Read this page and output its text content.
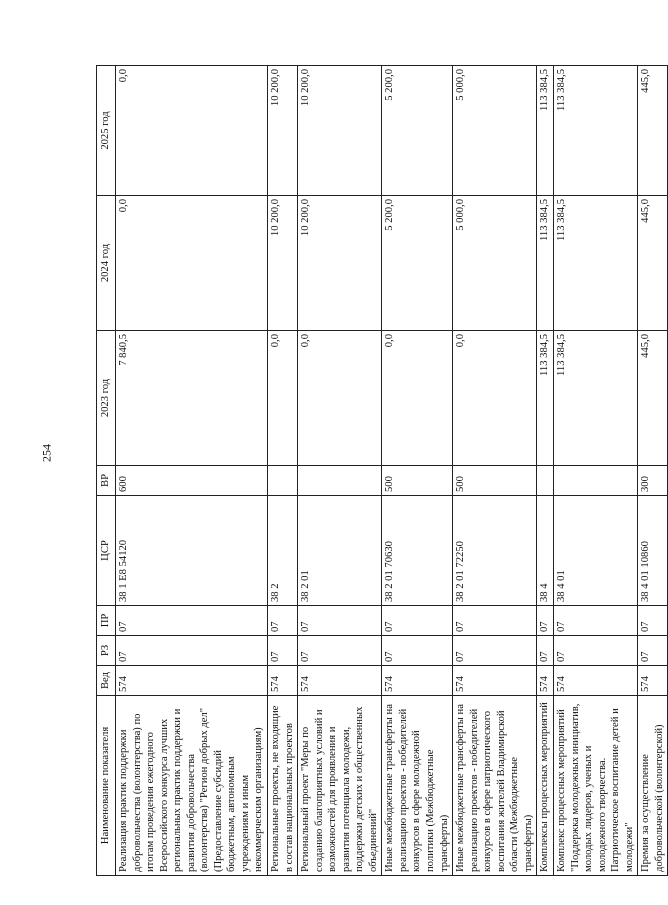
254
Наименование показателя	Вед	РЗ	ПР	ЦСР	ВР	2023 год	2024 год	2025 год
Реализация практик поддержки добровольчества (волонтерства) по итогам проведения ежегодного Всероссийского конкурса лучших региональных практик поддержки и развития добровольчества (волонтерства) "Регион добрых дел" (Предоставление субсидий бюджетным, автономным учреждениям и иным некоммерческим организациям)	574	07	07	38 1 E8 54120	600	7 840,5	0,0	0,0
Региональные проекты, не входящие в состав национальных проектов	574	07	07	38 2		0,0	10 200,0	10 200,0
Региональный проект "Меры по созданию благоприятных условий и возможностей для проявления и развития потенциала молодежи, поддержки детских и общественных объединений"	574	07	07	38 2 01		0,0	10 200,0	10 200,0
Иные межбюджетные трансферты на реализацию проектов - победителей конкурсов в сфере молодежной политики (Межбюджетные трансферты)	574	07	07	38 2 01 70630	500	0,0	5 200,0	5 200,0
Иные межбюджетные трансферты на реализацию проектов - победителей конкурсов в сфере патриотического воспитания жителей Владимирской области (Межбюджетные трансферты)	574	07	07	38 2 01 72250	500	0,0	5 000,0	5 000,0
Комплексы процессных мероприятий	574	07	07	38 4		113 384,5	113 384,5	113 384,5
Комплекс процессных мероприятий "Поддержка молодежных инициатив, молодых лидеров, ученых и молодежного творчества. Патриотическое воспитание детей и молодежи"	574	07	07	38 4 01		113 384,5	113 384,5	113 384,5
Премия за осуществление добровольческой (волонтерской)	574	07	07	38 4 01 10860	300	445,0	445,0	445,0
